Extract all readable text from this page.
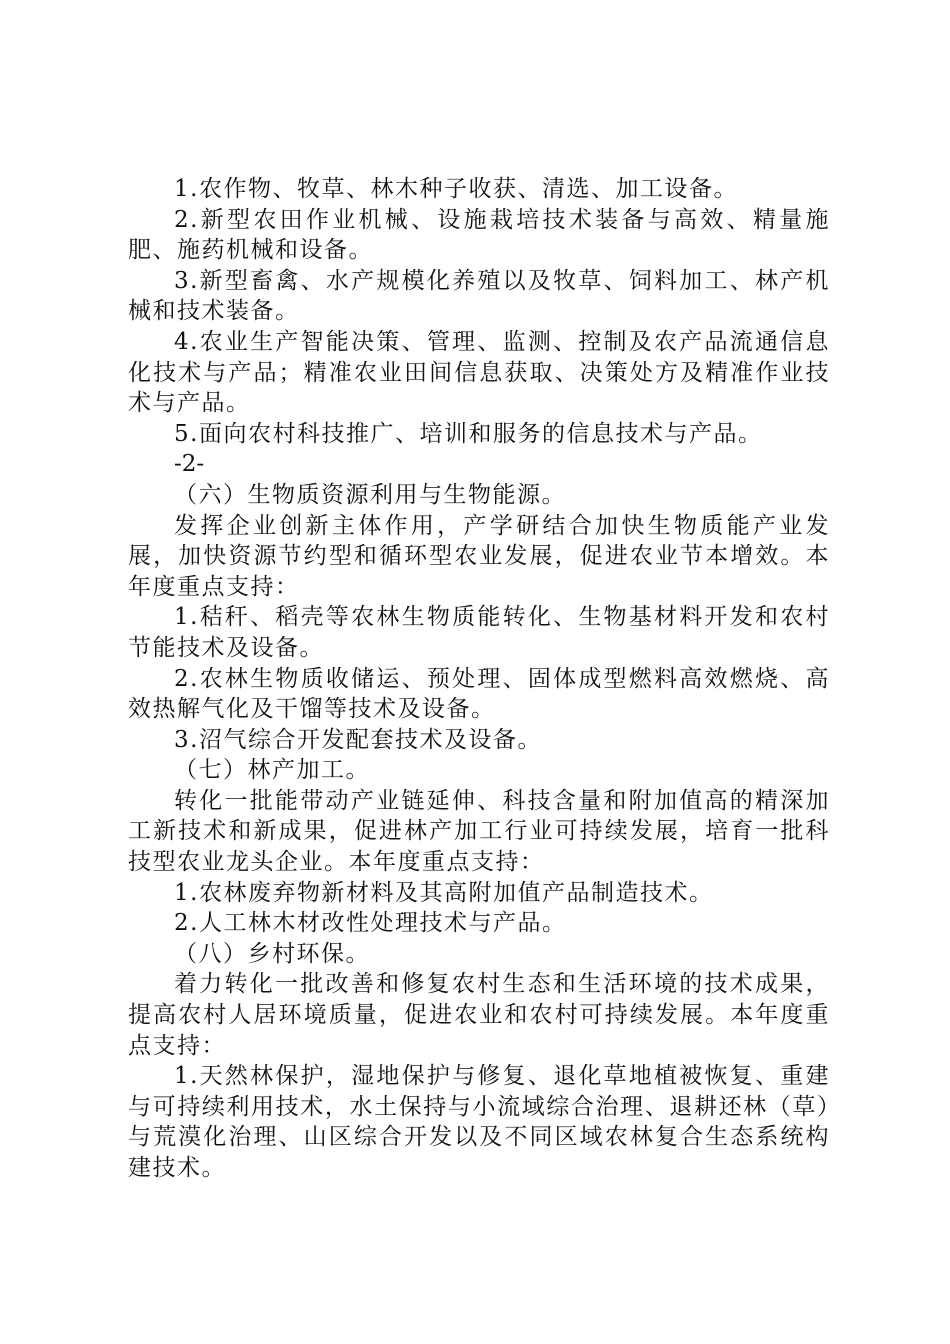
1.农作物、牧草、林木种子收获、清选、加工设备。

2.新型农田作业机械、设施栽培技术装备与高效、精量施肥、施药机械和设备。

3.新型畜禽、水产规模化养殖以及牧草、饲料加工、林产机械和技术装备。

4.农业生产智能决策、管理、监测、控制及农产品流通信息化技术与产品；精准农业田间信息获取、决策处方及精准作业技术与产品。

5.面向农村科技推广、培训和服务的信息技术与产品。

-2-

（六）生物质资源利用与生物能源。

发挥企业创新主体作用，产学研结合加快生物质能产业发展，加快资源节约型和循环型农业发展，促进农业节本增效。本年度重点支持：

1.秸秆、稻壳等农林生物质能转化、生物基材料开发和农村节能技术及设备。

2.农林生物质收储运、预处理、固体成型燃料高效燃烧、高效热解气化及干馏等技术及设备。

3.沼气综合开发配套技术及设备。

（七）林产加工。

转化一批能带动产业链延伸、科技含量和附加值高的精深加工新技术和新成果，促进林产加工行业可持续发展，培育一批科技型农业龙头企业。本年度重点支持：

1.农林废弃物新材料及其高附加值产品制造技术。

2.人工林木材改性处理技术与产品。

（八）乡村环保。

着力转化一批改善和修复农村生态和生活环境的技术成果，提高农村人居环境质量，促进农业和农村可持续发展。本年度重点支持：

1.天然林保护，湿地保护与修复、退化草地植被恢复、重建与可持续利用技术，水土保持与小流域综合治理、退耕还林（草）与荒漠化治理、山区综合开发以及不同区域农林复合生态系统构建技术。
